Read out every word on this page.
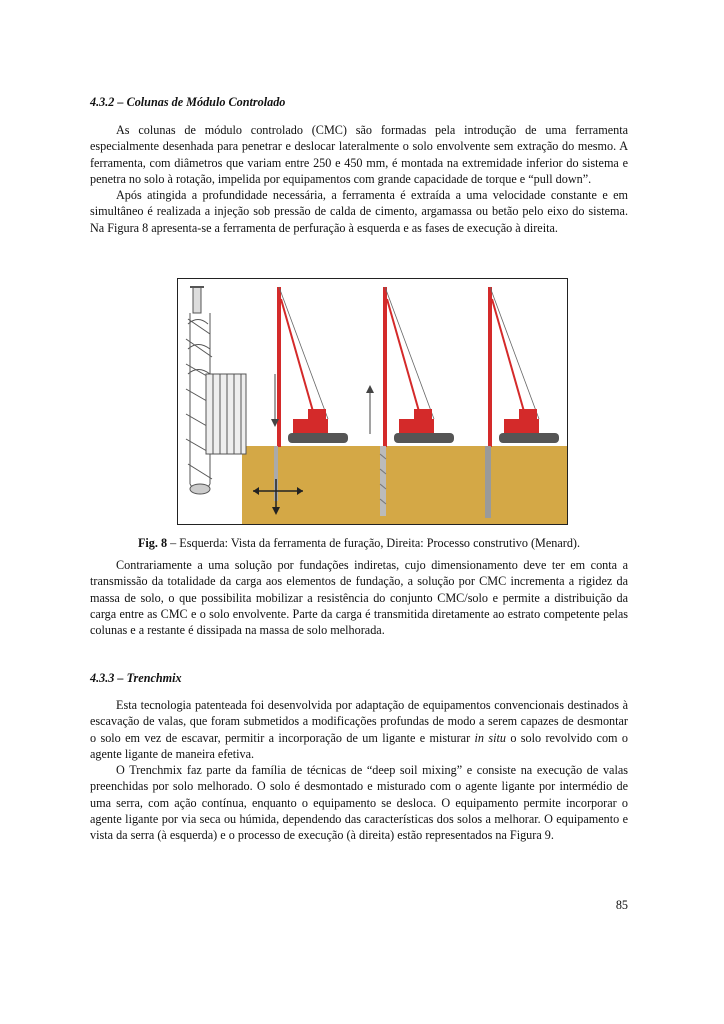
4.3.2 – Colunas de Módulo Controlado

As colunas de módulo controlado (CMC) são formadas pela introdução de uma ferramenta especialmente desenhada para penetrar e deslocar lateralmente o solo envolvente sem extração do mesmo. A ferramenta, com diâmetros que variam entre 250 e 450 mm, é montada na extremidade inferior do sistema e penetra no solo à rotação, impelida por equipamentos com grande capacidade de torque e “pull down”.

Após atingida a profundidade necessária, a ferramenta é extraída a uma velocidade constante e em simultâneo é realizada a injeção sob pressão de calda de cimento, argamassa ou betão pelo eixo do sistema. Na Figura 8 apresenta-se a ferramenta de perfuração à esquerda e as fases de execução à direita.

Fig. 8 – Esquerda: Vista da ferramenta de furação, Direita: Processo construtivo (Menard).

Contrariamente a uma solução por fundações indiretas, cujo dimensionamento deve ter em conta a transmissão da totalidade da carga aos elementos de fundação, a solução por CMC incrementa a rigidez da massa de solo, o que possibilita mobilizar a resistência do conjunto CMC/solo e permite a distribuição da carga entre as CMC e o solo envolvente. Parte da carga é transmitida diretamente ao estrato competente pelas colunas e a restante é dissipada na massa de solo melhorada.

4.3.3 – Trenchmix

Esta tecnologia patenteada foi desenvolvida por adaptação de equipamentos convencionais destinados à escavação de valas, que foram submetidos a modificações profundas de modo a serem capazes de desmontar o solo em vez de escavar, permitir a incorporação de um ligante e misturar in situ o solo revolvido com o agente ligante de maneira efetiva.

O Trenchmix faz parte da família de técnicas de “deep soil mixing” e consiste na execução de valas preenchidas por solo melhorado. O solo é desmontado e misturado com o agente ligante por intermédio de uma serra, com ação contínua, enquanto o equipamento se desloca. O equipamento permite incorporar o agente ligante por via seca ou húmida, dependendo das características dos solos a melhorar. O equipamento e vista da serra (à esquerda) e o processo de execução (à direita) estão representados na Figura 9.

85
